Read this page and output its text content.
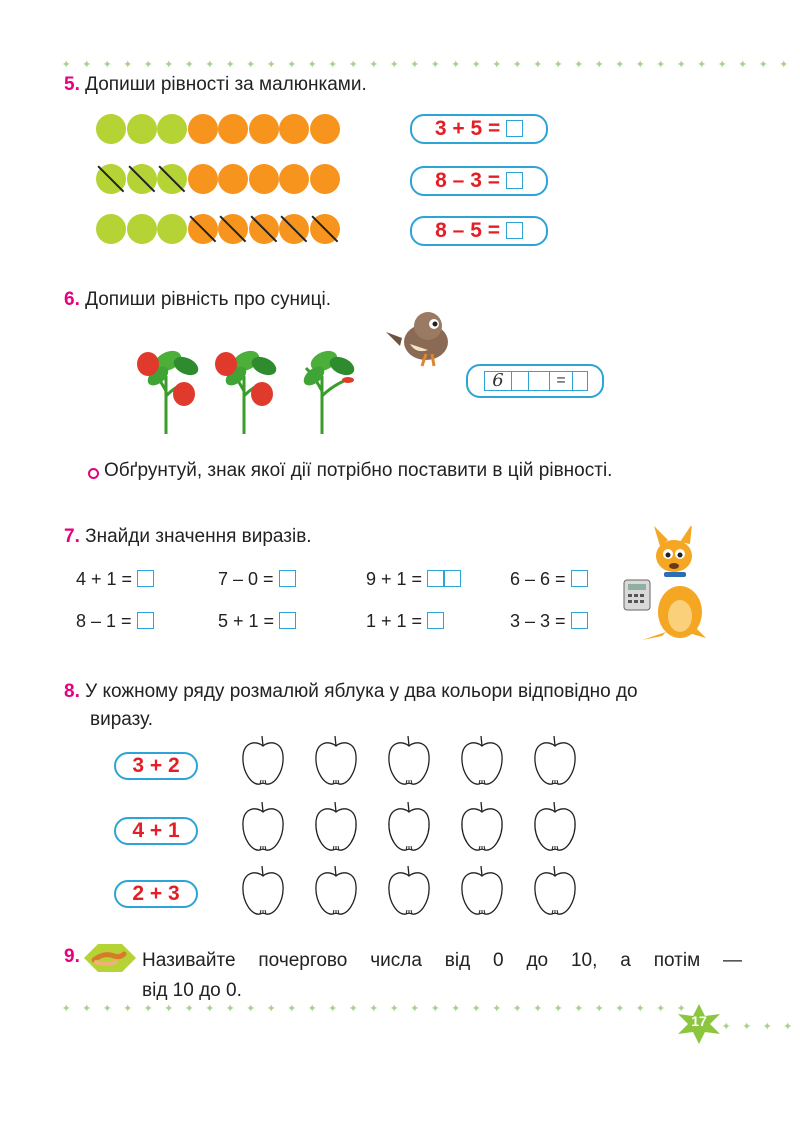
✦ ✦ ✦ ✦ ✦ ✦ ✦ ✦ ✦ ✦ ✦ ✦ ✦ ✦ ✦ ✦ ✦ ✦ ✦ ✦ ✦ ✦ ✦ ✦ ✦ ✦ ✦ ✦ ✦ ✦ ✦ ✦ ✦ ✦ ✦ ✦
✦ ✦ ✦ ✦ ✦ ✦ ✦ ✦ ✦ ✦ ✦ ✦ ✦ ✦ ✦ ✦ ✦ ✦ ✦ ✦ ✦ ✦ ✦ ✦ ✦ ✦ ✦ ✦ ✦ ✦ ✦
✦ ✦ ✦ ✦
5. Допиши рівності за малюнками.
3 + 5 =
8 – 3 =
8 – 5 =
6. Допиши рівність про суниці.
6	=
Обґрунтуй, знак якої дії потрібно поставити в цій рівності.
7. Знайди значення виразів.
4 + 1 =	7 – 0 =	9 + 1 =	6 – 6 =
8 – 1 =	5 + 1 =	1 + 1 =	3 – 3 =
8. У кожному ряду розмалюй яблука у два кольори відповідно до
виразу.
3 + 2
4 + 1
2 + 3
9.	Називайте почергово числа від 0 до 10, а потім —
від 10 до 0.
17
